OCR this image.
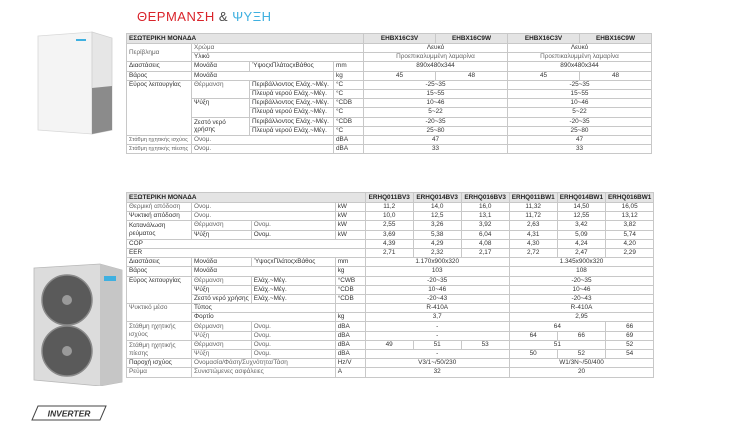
ΘΕΡΜΑΝΣΗ & ΨΥΞΗ
INVERTER
ΕΣΩΤΕΡΙΚΗ ΜΟΝΑΔΑ				EHBX16C3V	EHBX16C9W	EHBX16C3V	EHBX16C9W
Περίβλημα	Χρώμα			Λευκό		Λευκό	
	Υλικό			Προεπικαλυμμένη λαμαρίνα		Προεπικαλυμμένη λαμαρίνα	
Διαστάσεις	Μονάδα	ΎψοςxΠλάτοςxΒάθος	mm	890x480x344		890x480x344	
Βάρος	Μονάδα		kg	45	48	45	48
Εύρος λειτουργίας	Θέρμανση	Περιβάλλοντος Ελάχ.~Μέγ.	°C	-25~35		-25~35	
		Πλευρά νερού Ελάχ.~Μέγ.	°C	15~55		15~55	
	Ψύξη	Περιβάλλοντος Ελάχ.~Μέγ.	°CDB	10~46		10~46	
		Πλευρά νερού Ελάχ.~Μέγ.	°C	5~22		5~22	
	Ζεστό νερό χρήσης	Περιβάλλοντος Ελάχ.~Μέγ.	°CDB	-20~35		-20~35	
		Πλευρά νερού Ελάχ.~Μέγ.	°C	25~80		25~80	
Στάθμη ηχητικής ισχύος	Ονομ.		dBA	47		47	
Στάθμη ηχητικής πίεσης	Ονομ.		dBA	33		33	
ΕΞΩΤΕΡΙΚΗ ΜΟΝΑΔΑ				ERHQ011BV3	ERHQ014BV3	ERHQ016BV3	ERHQ011BW1	ERHQ014BW1	ERHQ016BW1
Θερμική απόδοση	Ονομ.		kW	11,2	14,0	16,0	11,32	14,50	16,05
Ψυκτική απόδοση	Ονομ.		kW	10,0	12,5	13,1	11,72	12,55	13,12
Κατανάλωση ρεύματος	Θέρμανση	Ονομ.	kW	2,55	3,26	3,92	2,63	3,42	3,82
	Ψύξη	Ονομ.	kW	3,69	5,38	6,04	4,31	5,09	5,74
COP				4,39	4,29	4,08	4,30	4,24	4,20
EER				2,71	2,32	2,17	2,72	2,47	2,29
Διαστάσεις	Μονάδα	ΎψοςxΠλάτοςxΒάθος	mm	1.170x900x320			1.345x900x320		
Βάρος	Μονάδα		kg	103			108		
Εύρος λειτουργίας	Θέρμανση	Ελάχ.~Μέγ.	°CWB	-20~35			-20~35		
	Ψύξη	Ελάχ.~Μέγ.	°CDB	10~46			10~46		
	Ζεστό νερό χρήσης	Ελάχ.~Μέγ.	°CDB	-20~43			-20~43		
Ψυκτικό μέσο	Τύπος			R-410A			R-410A		
	Φορτίο		kg	3,7			2,95		
Στάθμη ηχητικής ισχύος	Θέρμανση	Ονομ.	dBA	-			64		66
	Ψύξη	Ονομ.	dBA	-			64	66	69
Στάθμη ηχητικής πίεσης	Θέρμανση	Ονομ.	dBA	49	51	53	51		52
	Ψύξη	Ονομ.	dBA	-			50	52	54
Παροχή ισχύος	Ονομασία/Φάση/Συχνότητα/Τάση		Hz/V	V3/1~/50/230			W1/3N~/50/400		
Ρεύμα	Συνιστώμενες ασφάλειες		A	32			20		
